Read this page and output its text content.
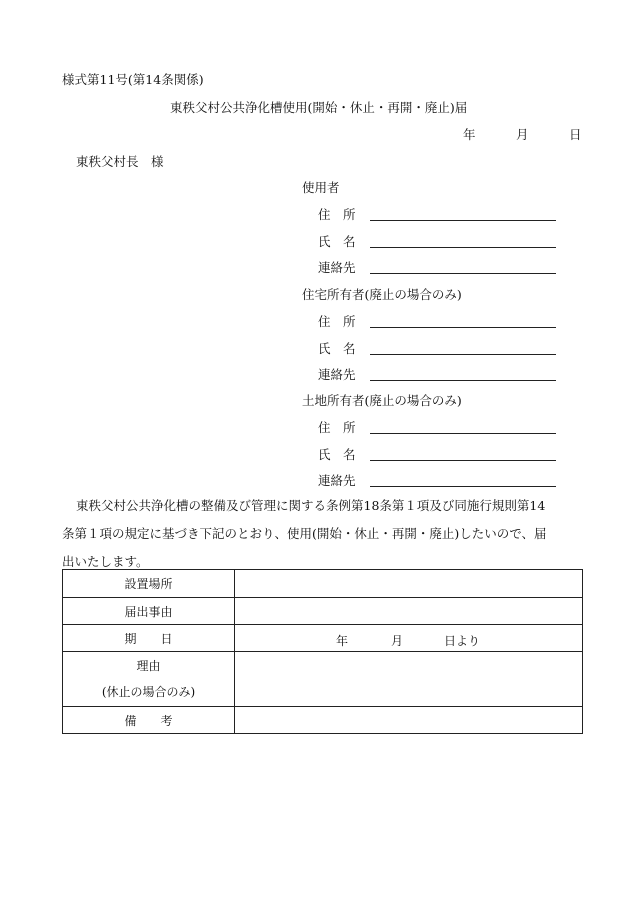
様式第11号(第14条関係)
東秩父村公共浄化槽使用(開始・休止・再開・廃止)届
年	月	日
東秩父村長　様
使用者
住　所
氏　名
連絡先
住宅所有者(廃止の場合のみ)
住　所
氏　名
連絡先
土地所有者(廃止の場合のみ)
住　所
氏　名
連絡先
東秩父村公共浄化槽の整備及び管理に関する条例第18条第１項及び同施行規則第14
条第１項の規定に基づき下記のとおり、使用(開始・休止・再開・廃止)したいので、届
出いたします。
設置場所	
届出事由	
期　　日	年 月 日より

理由
(休止の場合のみ)	

備　　考	
